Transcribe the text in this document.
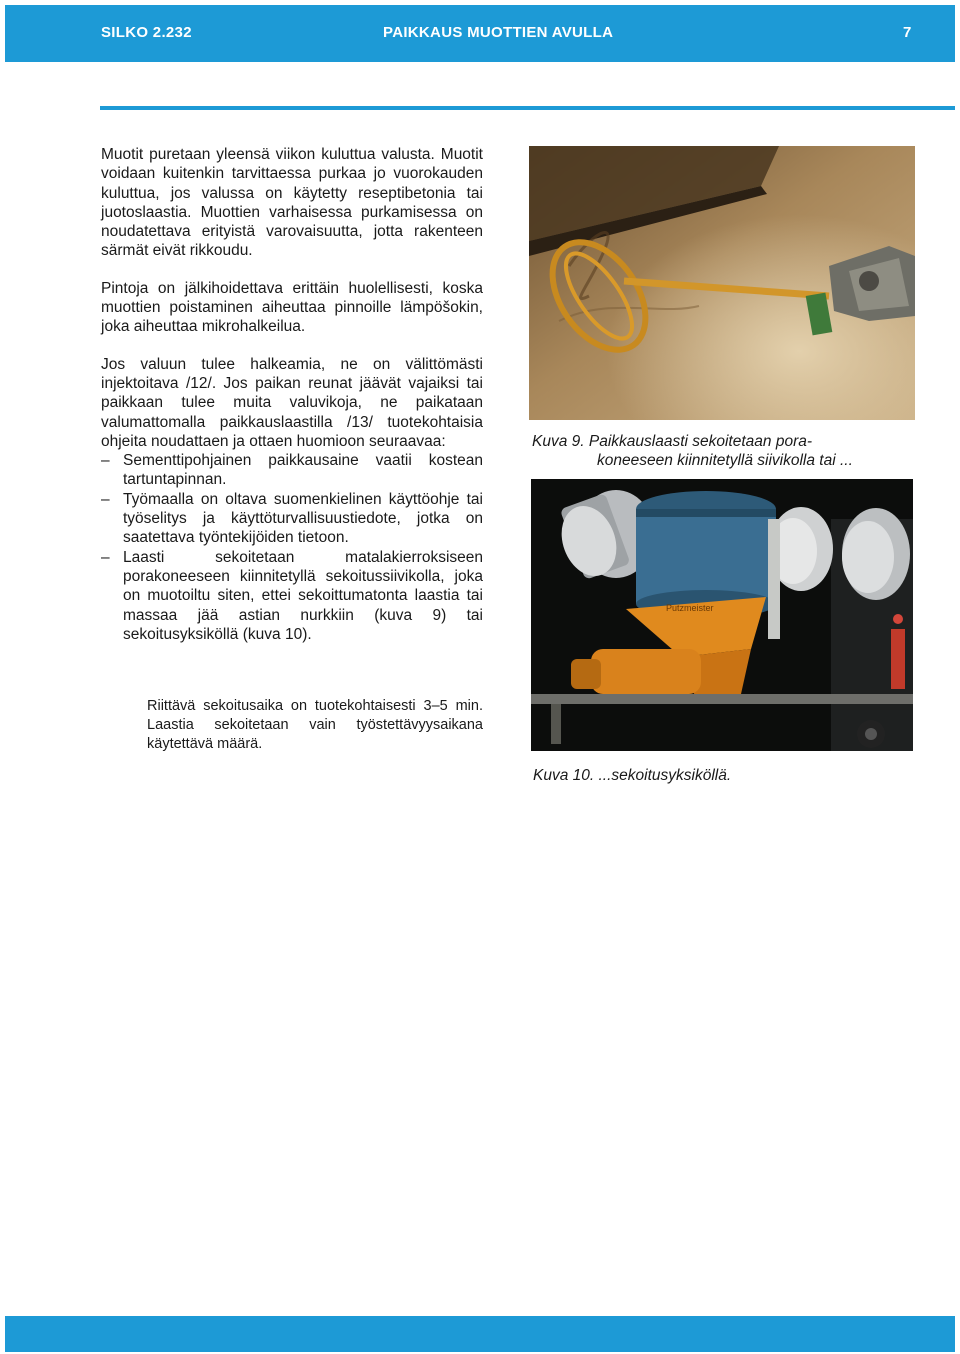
SILKO 2.232	PAIKKAUS MUOTTIEN AVULLA	7

Muotit puretaan yleensä viikon kuluttua valusta. Muotit voidaan kuitenkin tarvittaessa purkaa jo vuorokauden kuluttua, jos valussa on käytetty reseptibetonia tai juotoslaastia. Muottien varhaisessa purkamisessa on noudatettava erityistä varovaisuutta, jotta rakenteen särmät eivät rikkoudu.

Pintoja on jälkihoidettava erittäin huolellisesti, koska muottien poistaminen aiheuttaa pinnoille lämpöšokin, joka aiheuttaa mikrohalkeilua.

Jos valuun tulee halkeamia, ne on välittömästi injektoitava /12/. Jos paikan reunat jäävät vajaiksi tai paikkaan tulee muita valuvikoja, ne paikataan valumattomalla paikkauslaastilla /13/ tuotekohtaisia ohjeita noudattaen ja ottaen huomioon seuraavaa:

– Sementtipohjainen paikkausaine vaatii kostean tartuntapinnan.
– Työmaalla on oltava suomenkielinen käyttöohje tai työselitys ja käyttöturvallisuustiedote, jotka on saatettava työntekijöiden tietoon.
– Laasti sekoitetaan matalakierroksiseen porakoneeseen kiinnitetyllä sekoitussiivikolla, joka on muotoiltu siten, ettei sekoittumatonta laastia tai massaa jää astian nurkkiin (kuva 9) tai sekoitusyksiköllä (kuva 10).

Riittävä sekoitusaika on tuotekohtaisesti 3–5 min. Laastia sekoitetaan vain työstettävyysaikana käytettävä määrä.

Kuva 9. Paikkauslaasti sekoitetaan pora-
koneeseen kiinnitetyllä siivikolla tai ...
Putzmeister
Kuva 10. ...sekoitusyksiköllä.
